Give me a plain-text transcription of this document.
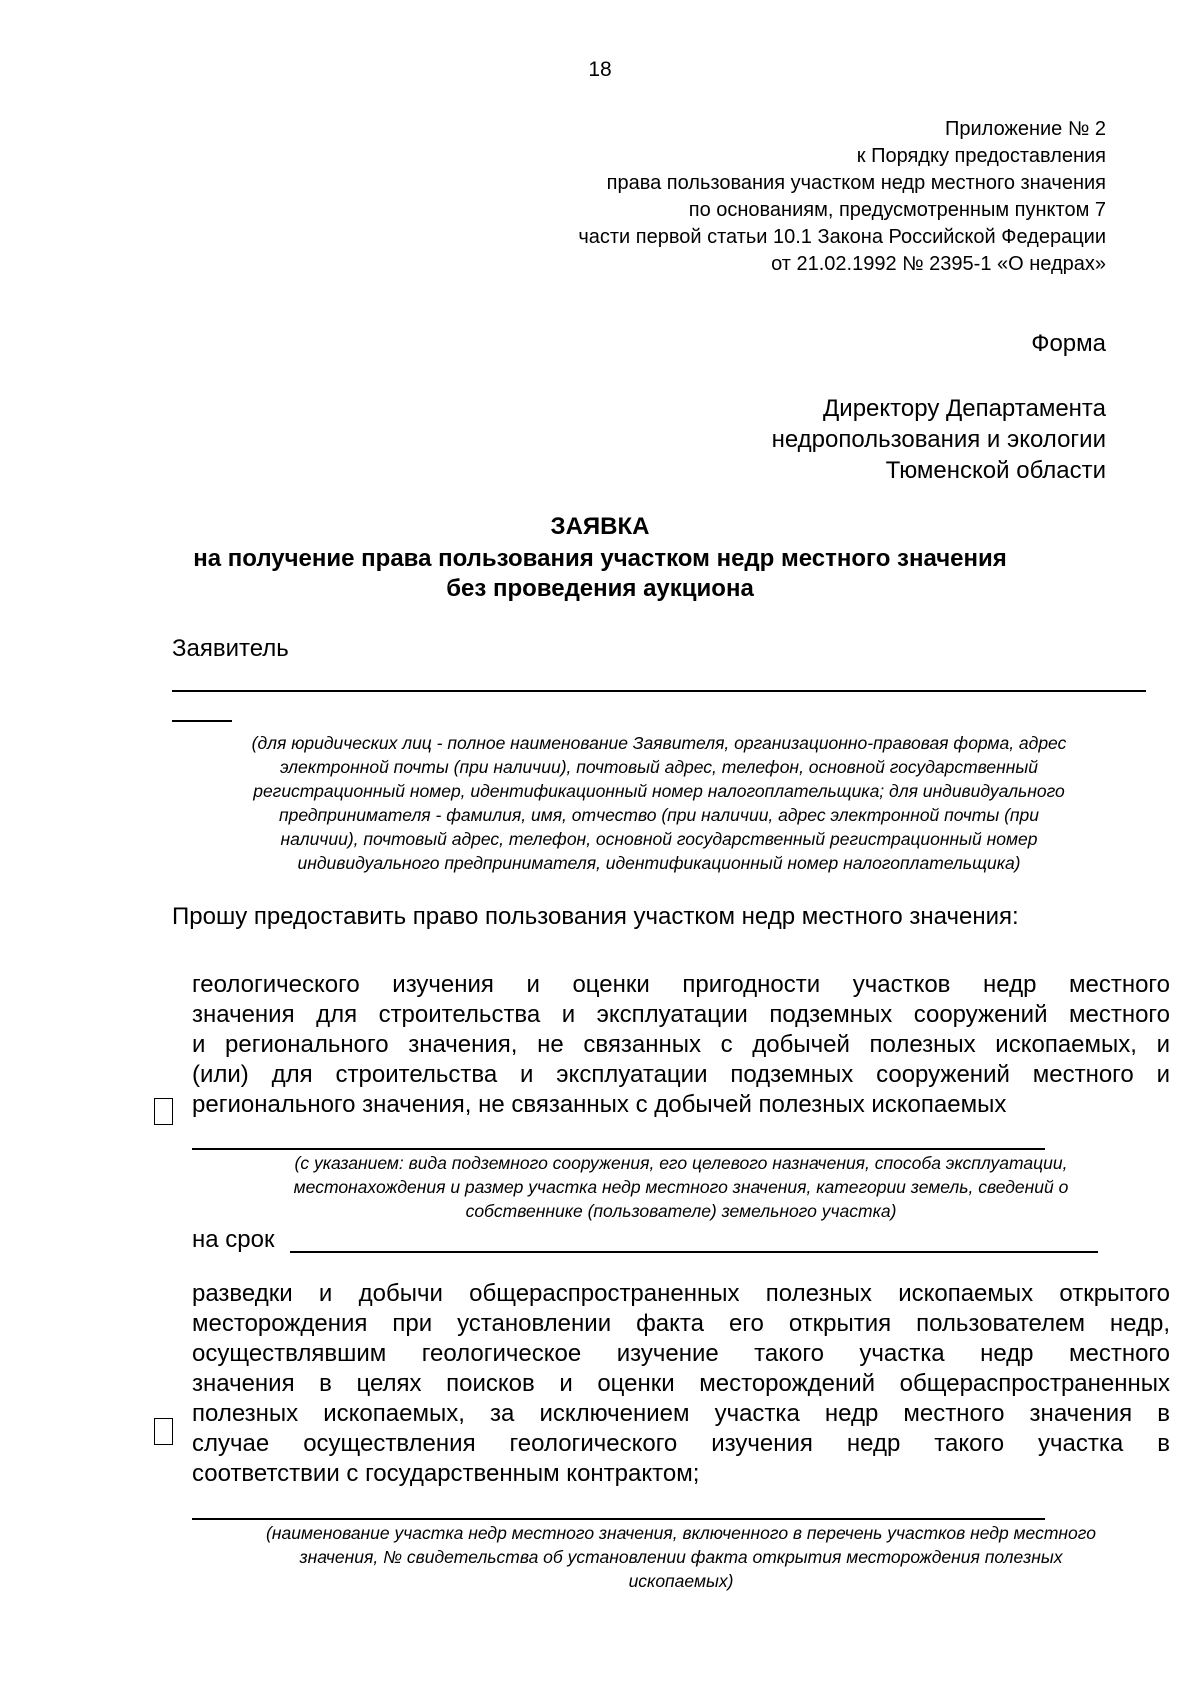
18
Приложение № 2
к Порядку предоставления
права пользования участком недр местного значения
по основаниям, предусмотренным пунктом 7
части первой статьи 10.1 Закона Российской Федерации
от 21.02.1992 № 2395-1 «О недрах»
Форма
Директору Департамента
недропользования и экологии
Тюменской области
ЗАЯВКА
на получение права пользования участком недр местного значения
без проведения аукциона
Заявитель
(для юридических лиц - полное наименование Заявителя, организационно-правовая форма, адрес
электронной почты (при наличии), почтовый адрес, телефон, основной государственный
регистрационный номер, идентификационный номер налогоплательщика; для индивидуального
предпринимателя - фамилия, имя, отчество (при наличии, адрес электронной почты (при
наличии), почтовый адрес, телефон, основной государственный регистрационный номер
индивидуального предпринимателя, идентификационный номер налогоплательщика)
Прошу предоставить право пользования участком недр местного значения:
геологического изучения и оценки пригодности участков недр местного
значения для строительства и эксплуатации подземных сооружений местного
и регионального значения, не связанных с добычей полезных ископаемых, и
(или) для строительства и эксплуатации подземных сооружений местного и
регионального значения, не связанных с добычей полезных ископаемых
(с указанием: вида подземного сооружения, его целевого назначения, способа эксплуатации,
местонахождения и размер участка недр местного значения, категории земель, сведений о
собственнике (пользователе) земельного участка)
на срок
разведки и добычи общераспространенных полезных ископаемых открытого
месторождения при установлении факта его открытия пользователем недр,
осуществлявшим геологическое изучение такого участка недр местного
значения в целях поисков и оценки месторождений общераспространенных
полезных ископаемых, за исключением участка недр местного значения в
случае осуществления геологического изучения недр такого участка в
соответствии с государственным контрактом;
(наименование участка недр местного значения, включенного в перечень участков недр местного
значения, № свидетельства об установлении факта открытия месторождения полезных
ископаемых)
